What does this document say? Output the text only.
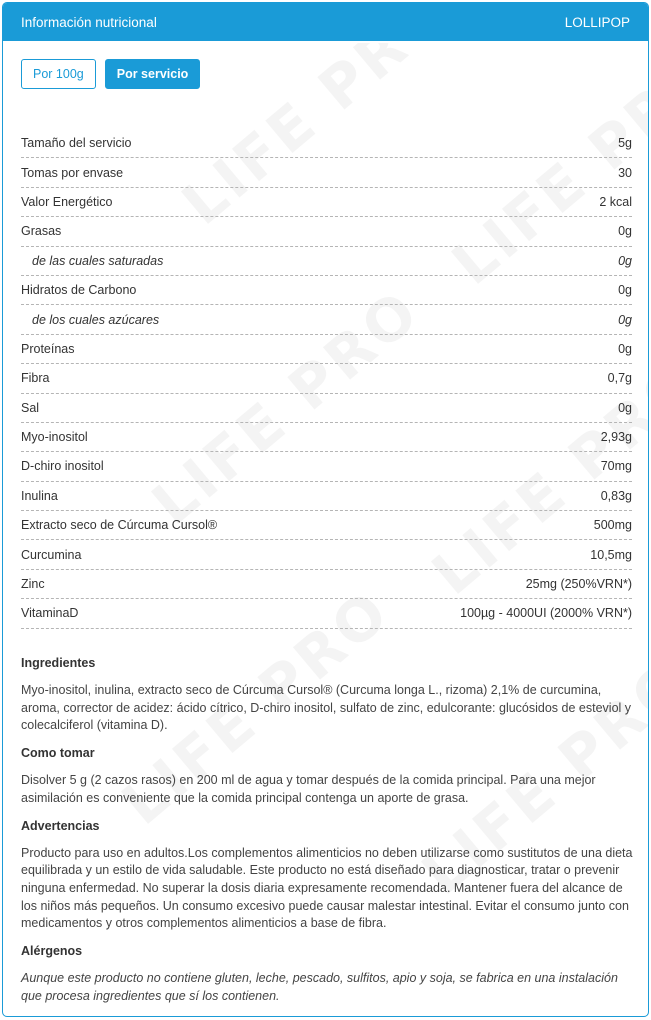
Información nutricional	LOLLIPOP
Por 100g	Por servicio
Tamaño del servicio	5g
Tomas por envase	30
Valor Energético	2 kcal
Grasas	0g
de las cuales saturadas	0g
Hidratos de Carbono	0g
de los cuales azúcares	0g
Proteínas	0g
Fibra	0,7g
Sal	0g
Myo-inositol	2,93g
D-chiro inositol	70mg
Inulina	0,83g
Extracto seco de Cúrcuma Cursol®	500mg
Curcumina	10,5mg
Zinc	25mg (250%VRN*)
VitaminaD	100µg - 4000UI (2000% VRN*)
Ingredientes
Myo-inositol, inulina, extracto seco de Cúrcuma Cursol® (Curcuma longa L., rizoma) 2,1% de curcumina, aroma, corrector de acidez: ácido cítrico, D-chiro inositol, sulfato de zinc, edulcorante: glucósidos de esteviol y colecalciferol (vitamina D).
Como tomar
Disolver 5 g (2 cazos rasos) en 200 ml de agua y tomar después de la comida principal. Para una mejor asimilación es conveniente que la comida principal contenga un aporte de grasa.
Advertencias
Producto para uso en adultos.Los complementos alimenticios no deben utilizarse como sustitutos de una dieta equilibrada y un estilo de vida saludable. Este producto no está diseñado para diagnosticar, tratar o prevenir ninguna enfermedad. No superar la dosis diaria expresamente recomendada. Mantener fuera del alcance de los niños más pequeños. Un consumo excesivo puede causar malestar intestinal. Evitar el consumo junto con medicamentos y otros complementos alimenticios a base de fibra.
Alérgenos
Aunque este producto no contiene gluten, leche, pescado, sulfitos, apio y soja, se fabrica en una instalación que procesa ingredientes que sí los contienen.
